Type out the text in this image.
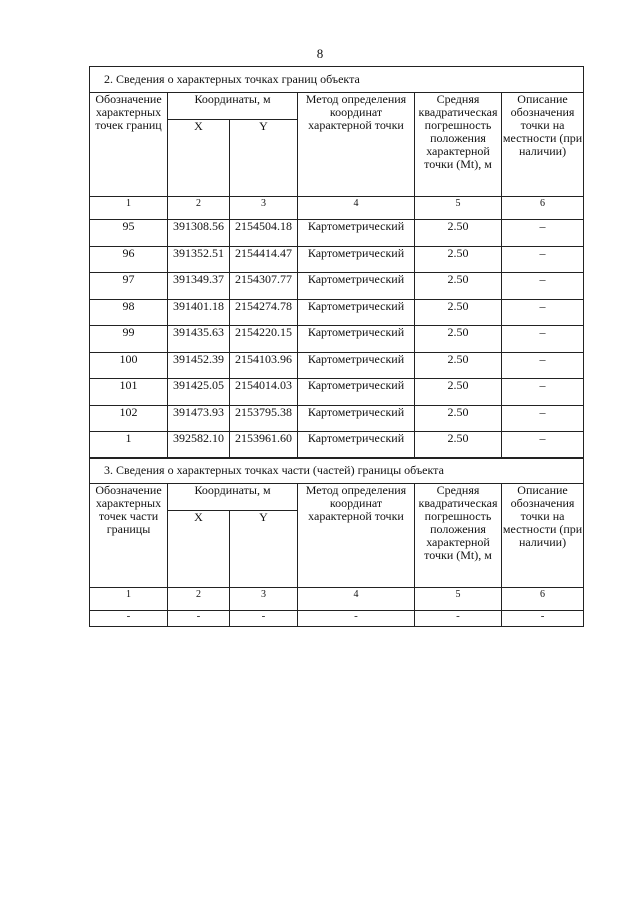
8
2. Сведения о характерных точках границ объекта					
Обозначение характерных точек границ	Координаты, м		Метод определения координат характерной точки	Средняя квадратическая погрешность положения характерной точки (Mt), м	Описание обозначения точки на местности (при наличии)
	X	Y			
1	2	3	4	5	6
95	391308.56	2154504.18	Картометрический	2.50	–
96	391352.51	2154414.47	Картометрический	2.50	–
97	391349.37	2154307.77	Картометрический	2.50	–
98	391401.18	2154274.78	Картометрический	2.50	–
99	391435.63	2154220.15	Картометрический	2.50	–
100	391452.39	2154103.96	Картометрический	2.50	–
101	391425.05	2154014.03	Картометрический	2.50	–
102	391473.93	2153795.38	Картометрический	2.50	–
1	392582.10	2153961.60	Картометрический	2.50	–
3. Сведения о характерных точках части (частей) границы объекта					
Обозначение характерных точек части границы	Координаты, м		Метод определения координат характерной точки	Средняя квадратическая погрешность положения характерной точки (Mt), м	Описание обозначения точки на местности (при наличии)
	X	Y			
1	2	3	4	5	6
-	-	-	-	-	-
